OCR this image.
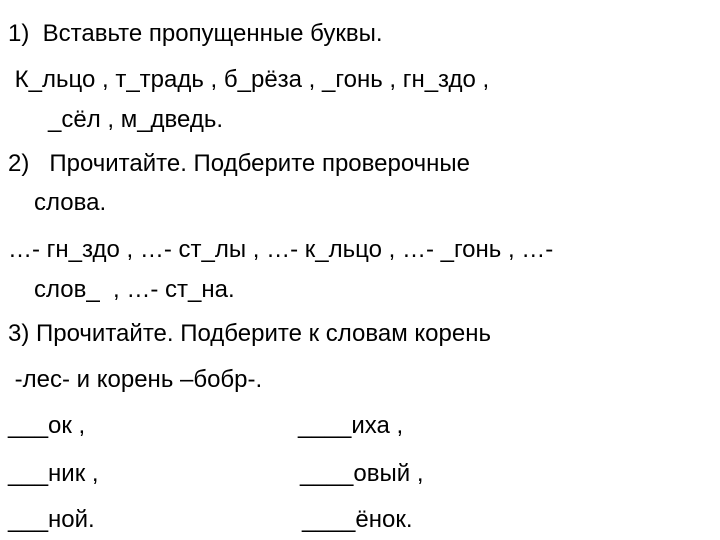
1)  Вставьте пропущенные буквы.
К_льцо , т_традь , б_рёза , _гонь , гн_здо ,
_сёл , м_дведь.
2)   Прочитайте. Подберите проверочные
слова.
…- гн_здо , …- ст_лы , …- к_льцо , …- _гонь , …-
слов_  , …- ст_на.
3) Прочитайте. Подберите к словам корень
-лес- и корень –бобр-.
___ок ,	____иха ,
___ник ,	____овый ,
___ной.	____ёнок.
